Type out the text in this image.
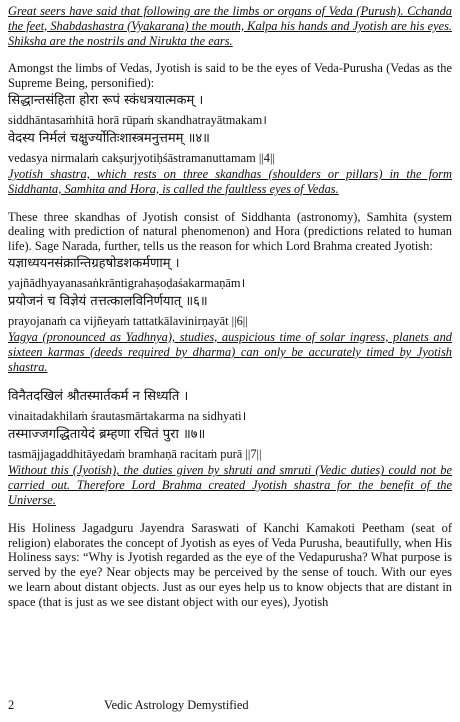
Great seers have said that following are the limbs or organs of Veda (Purush). Cchanda the feet, Shabdashastra (Vyakarana) the mouth, Kalpa his hands and Jyotish are his eyes. Shiksha are the nostrils and Nirukta the ears.

Amongst the limbs of Vedas, Jyotish is said to be the eyes of Veda-Purusha (Vedas as the Supreme Being, personified):

सिद्धान्तसंहिता होरा रूपं स्कंधत्रयात्मकम् ।
siddhāntasaṁhitā horā rūpaṁ skandhatrayātmakam।
वेदस्य निर्मलं चक्षुर्ज्योतिःशास्त्रमनुत्तमम् ॥४॥
vedasya nirmalaṁ cakṣurjyotiḥśāstramanuttamam ||4||

Jyotish shastra, which rests on three skandhas (shoulders or pillars) in the form Siddhanta, Samhita and Hora, is called the faultless eyes of Vedas.

These three skandhas of Jyotish consist of Siddhanta (astronomy), Samhita (system dealing with prediction of natural phenomenon) and Hora (predictions related to human life). Sage Narada, further, tells us the reason for which Lord Brahma created Jyotish:

यज्ञाध्ययनसंक्रान्तिग्रहषोडशकर्मणाम् ।
yajñādhyayanasaṅkrāntigrahaṣoḍaśakarmaṇām।
प्रयोजनं च विज्ञेयं तत्तत्कालविनिर्णयात् ॥६॥
prayojanaṁ ca vijñeyaṁ tattatkālavinirṇayāt ||6||

Yagya (pronounced as Yadhnya), studies, auspicious time of solar ingress, planets and sixteen karmas (deeds required by dharma) can only be accurately timed by Jyotish shastra.

विनैतदखिलं श्रौतस्मार्तकर्म न सिध्यति ।
vinaitadakhilaṁ śrautasmārtakarma na sidhyati।
तस्माज्जगद्धितायेदं ब्रम्हणा रचितं पुरा ॥७॥
tasmājjagaddhitāyedaṁ bramhaṇā racitaṁ purā ||7||

Without this (Jyotish), the duties given by shruti and smruti (Vedic duties) could not be carried out. Therefore Lord Brahma created Jyotish shastra for the benefit of the Universe.

His Holiness Jagadguru Jayendra Saraswati of Kanchi Kamakoti Peetham (seat of religion) elaborates the concept of Jyotish as eyes of Veda Purusha, beautifully, when His Holiness says: “Why is Jyotish regarded as the eye of the Vedapurusha? What purpose is served by the eye? Near objects may be perceived by the sense of touch. With our eyes we learn about distant objects. Just as our eyes help us to know objects that are distant in space (that is just as we see distant object with our eyes), Jyotish

2	Vedic Astrology Demystified
